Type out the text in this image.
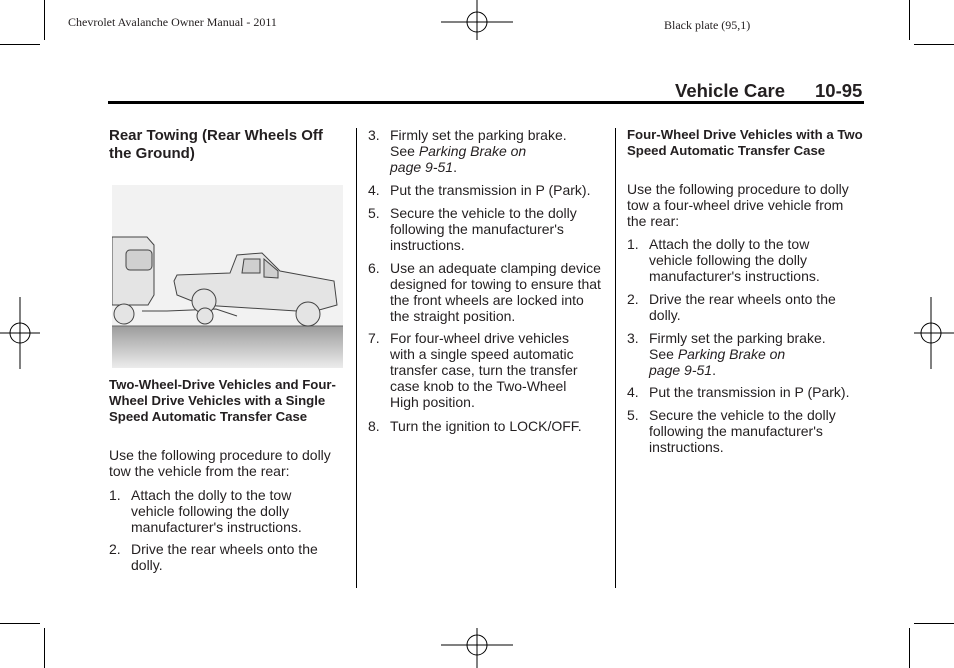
Chevrolet Avalanche Owner Manual - 2011	Black plate (95,1)
Vehicle Care 10-95
Rear Towing (Rear Wheels Off the Ground)
Two-Wheel-Drive Vehicles and Four-Wheel Drive Vehicles with a Single Speed Automatic Transfer Case
Use the following procedure to dolly tow the vehicle from the rear:
1. Attach the dolly to the tow vehicle following the dolly manufacturer's instructions.
2. Drive the rear wheels onto the dolly.
3. Firmly set the parking brake.
See Parking Brake on
page 9-51.
4. Put the transmission in P (Park).
5. Secure the vehicle to the dolly following the manufacturer's instructions.
6. Use an adequate clamping device designed for towing to ensure that the front wheels are locked into the straight position.
7. For four-wheel drive vehicles with a single speed automatic transfer case, turn the transfer case knob to the Two-Wheel High position.
8. Turn the ignition to LOCK/OFF.
Four-Wheel Drive Vehicles with a Two Speed Automatic Transfer Case
Use the following procedure to dolly tow a four-wheel drive vehicle from the rear:
1. Attach the dolly to the tow vehicle following the dolly manufacturer's instructions.
2. Drive the rear wheels onto the dolly.
3. Firmly set the parking brake.
See Parking Brake on
page 9-51.
4. Put the transmission in P (Park).
5. Secure the vehicle to the dolly following the manufacturer's instructions.
